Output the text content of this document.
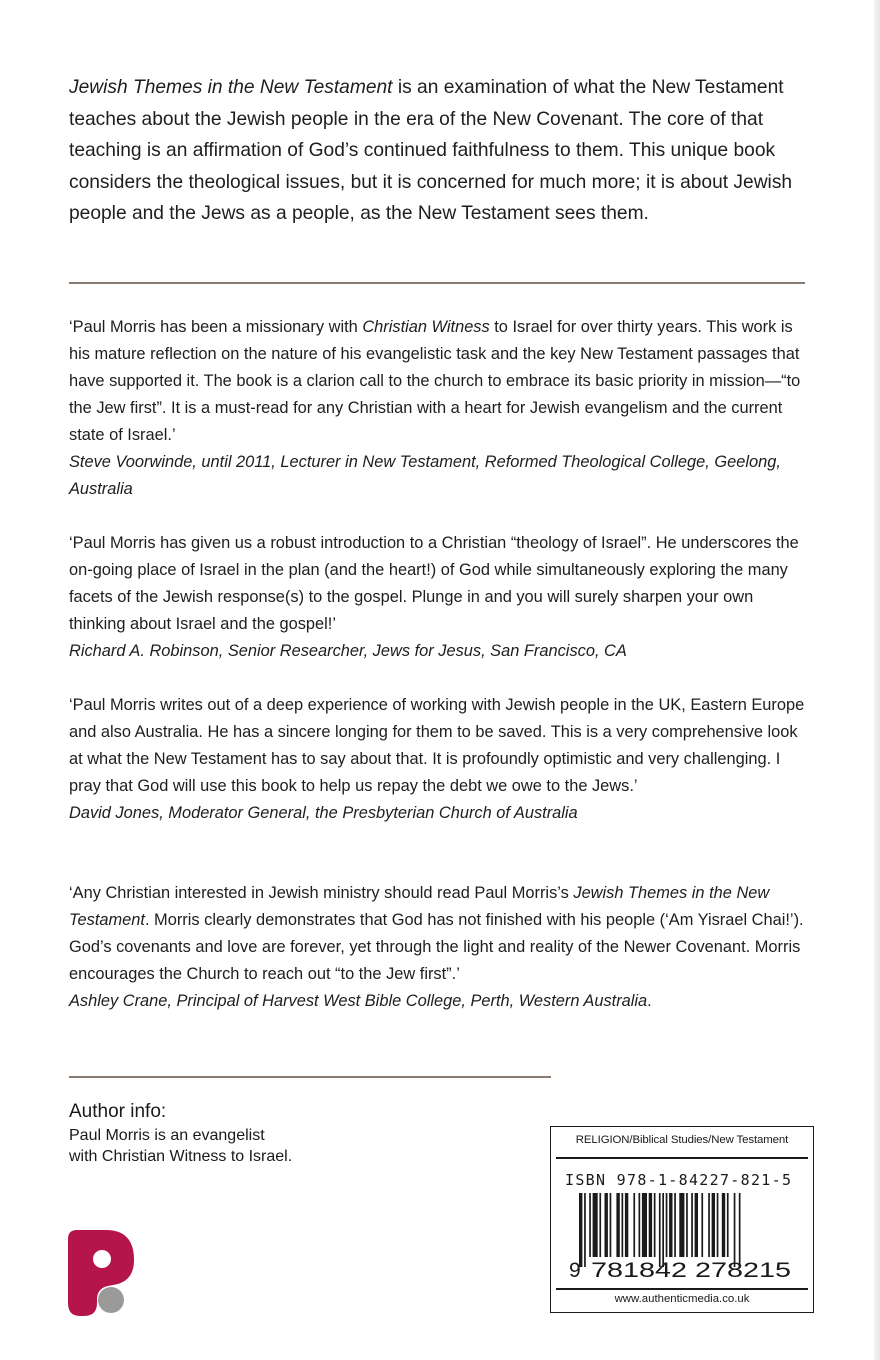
Jewish Themes in the New Testament is an examination of what the New Testament teaches about the Jewish people in the era of the New Covenant. The core of that teaching is an affirmation of God’s continued faithfulness to them. This unique book considers the theological issues, but it is concerned for much more; it is about Jewish people and the Jews as a people, as the New Testament sees them.

‘Paul Morris has been a missionary with Christian Witness to Israel for over thirty years. This work is his mature reflection on the nature of his evangelistic task and the key New Testament passages that have supported it. The book is a clarion call to the church to embrace its basic priority in mission—“to the Jew first”. It is a must-read for any Christian with a heart for Jewish evangelism and the current state of Israel.’

Steve Voorwinde, until 2011, Lecturer in New Testament, Reformed Theological College, Geelong, Australia

‘Paul Morris has given us a robust introduction to a Christian “theology of Israel”. He underscores the on-going place of Israel in the plan (and the heart!) of God while simultaneously exploring the many facets of the Jewish response(s) to the gospel. Plunge in and you will surely sharpen your own thinking about Israel and the gospel!’

Richard A. Robinson, Senior Researcher, Jews for Jesus, San Francisco, CA

‘Paul Morris writes out of a deep experience of working with Jewish people in the UK, Eastern Europe and also Australia. He has a sincere longing for them to be saved. This is a very comprehensive look at what the New Testament has to say about that. It is profoundly optimistic and very challenging. I pray that God will use this book to help us repay the debt we owe to the Jews.’

David Jones, Moderator General, the Presbyterian Church of Australia

‘Any Christian interested in Jewish ministry should read Paul Morris’s Jewish Themes in the New Testament. Morris clearly demonstrates that God has not finished with his people (‘Am Yisrael Chai!’). God’s covenants and love are forever, yet through the light and reality of the Newer Covenant. Morris encourages the Church to reach out “to the Jew first”.’

Ashley Crane, Principal of Harvest West Bible College, Perth, Western Australia.

Author info:
Paul Morris is an evangelist
with Christian Witness to Israel.
RELIGION/Biblical Studies/New Testament
ISBN 978-1-84227-821-5
9 781842 278215
www.authenticmedia.co.uk
